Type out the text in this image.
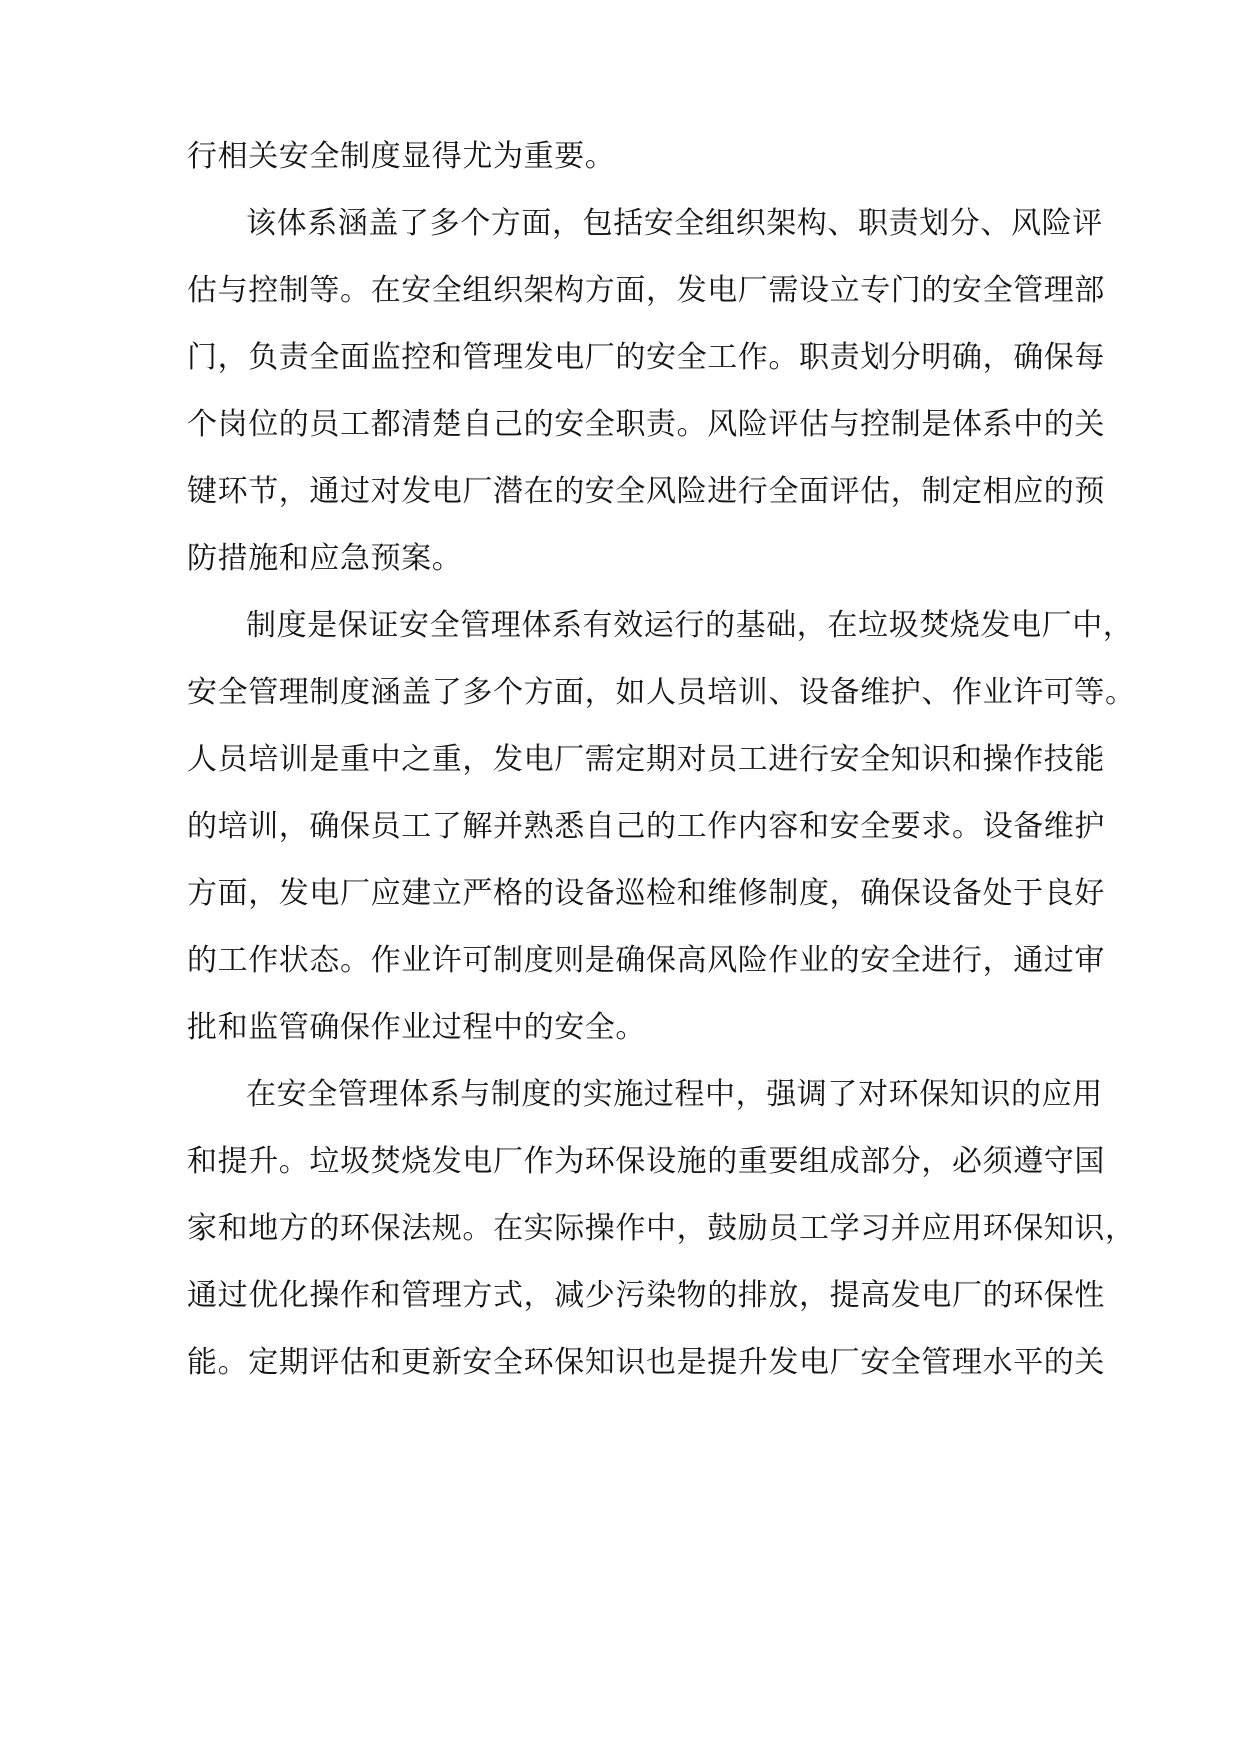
行相关安全制度显得尤为重要。
该体系涵盖了多个方面，包括安全组织架构、职责划分、风险评
估与控制等。在安全组织架构方面，发电厂需设立专门的安全管理部
门，负责全面监控和管理发电厂的安全工作。职责划分明确，确保每
个岗位的员工都清楚自己的安全职责。风险评估与控制是体系中的关
键环节，通过对发电厂潜在的安全风险进行全面评估，制定相应的预
防措施和应急预案。
制度是保证安全管理体系有效运行的基础，在垃圾焚烧发电厂中，
安全管理制度涵盖了多个方面，如人员培训、设备维护、作业许可等。
人员培训是重中之重，发电厂需定期对员工进行安全知识和操作技能
的培训，确保员工了解并熟悉自己的工作内容和安全要求。设备维护
方面，发电厂应建立严格的设备巡检和维修制度，确保设备处于良好
的工作状态。作业许可制度则是确保高风险作业的安全进行，通过审
批和监管确保作业过程中的安全。
在安全管理体系与制度的实施过程中，强调了对环保知识的应用
和提升。垃圾焚烧发电厂作为环保设施的重要组成部分，必须遵守国
家和地方的环保法规。在实际操作中，鼓励员工学习并应用环保知识，
通过优化操作和管理方式，减少污染物的排放，提高发电厂的环保性
能。定期评估和更新安全环保知识也是提升发电厂安全管理水平的关
